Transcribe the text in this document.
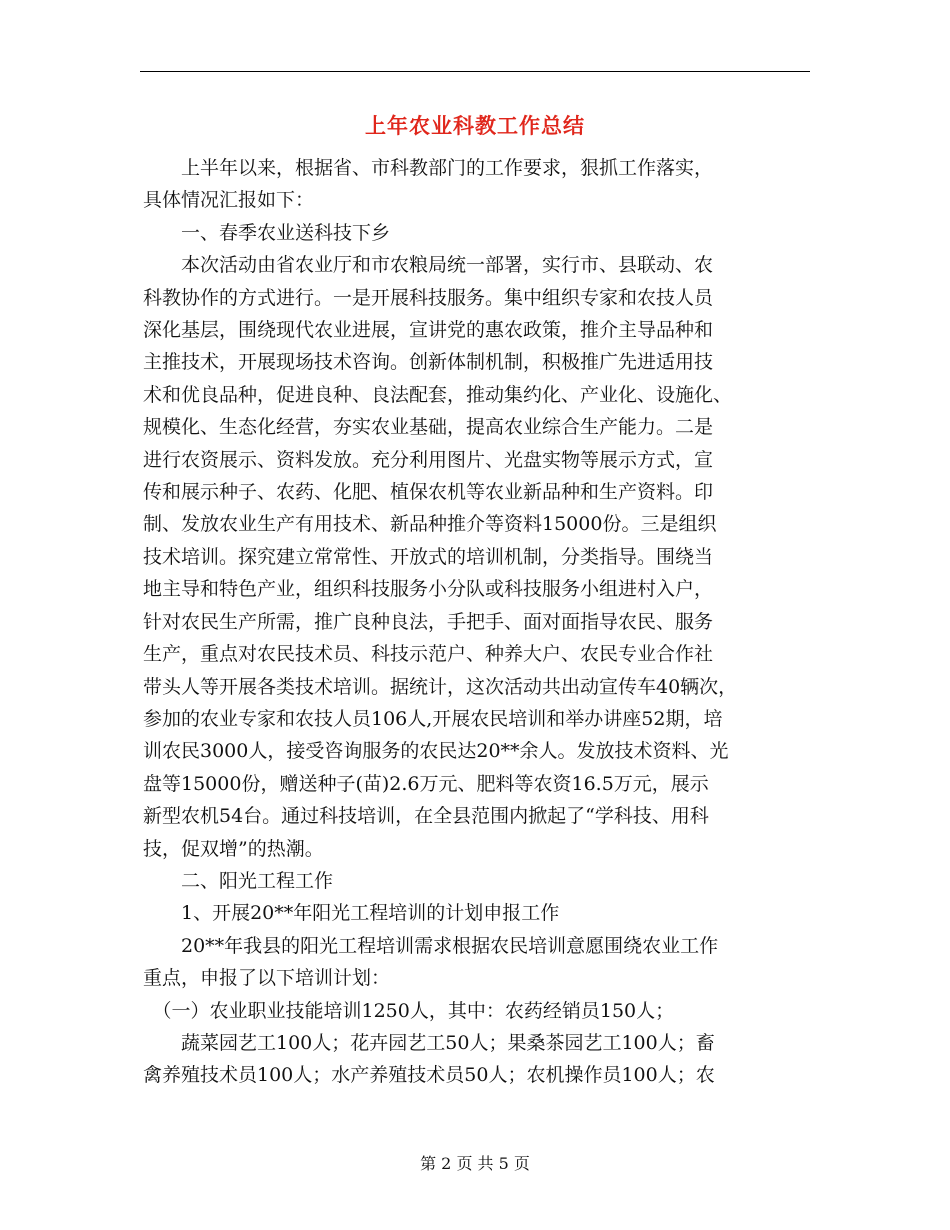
上年农业科教工作总结

　　上半年以来，根据省、市科教部门的工作要求，狠抓工作落实，

具体情况汇报如下：

　　一、春季农业送科技下乡

　　本次活动由省农业厅和市农粮局统一部署，实行市、县联动、农

科教协作的方式进行。一是开展科技服务。集中组织专家和农技人员

深化基层，围绕现代农业进展，宣讲党的惠农政策，推介主导品种和

主推技术，开展现场技术咨询。创新体制机制，积极推广先进适用技

术和优良品种，促进良种、良法配套，推动集约化、产业化、设施化、

规模化、生态化经营，夯实农业基础，提高农业综合生产能力。二是

进行农资展示、资料发放。充分利用图片、光盘实物等展示方式，宣

传和展示种子、农药、化肥、植保农机等农业新品种和生产资料。印

制、发放农业生产有用技术、新品种推介等资料15000份。三是组织

技术培训。探究建立常常性、开放式的培训机制，分类指导。围绕当

地主导和特色产业，组织科技服务小分队或科技服务小组进村入户，

针对农民生产所需，推广良种良法，手把手、面对面指导农民、服务

生产，重点对农民技术员、科技示范户、种养大户、农民专业合作社

带头人等开展各类技术培训。据统计，这次活动共出动宣传车40辆次，

参加的农业专家和农技人员106人,开展农民培训和举办讲座52期，培

训农民3000人，接受咨询服务的农民达20**余人。发放技术资料、光

盘等15000份，赠送种子(苗)2.6万元、肥料等农资16.5万元，展示

新型农机54台。通过科技培训，在全县范围内掀起了“学科技、用科

技，促双增”的热潮。

　　二、阳光工程工作

　　1、开展20**年阳光工程培训的计划申报工作

　　20**年我县的阳光工程培训需求根据农民培训意愿围绕农业工作

重点，申报了以下培训计划：

　（一）农业职业技能培训1250人，其中：农药经销员150人；

　　蔬菜园艺工100人；花卉园艺工50人；果桑茶园艺工100人；畜

禽养殖技术员100人；水产养殖技术员50人；农机操作员100人；农

第 2 页 共 5 页
